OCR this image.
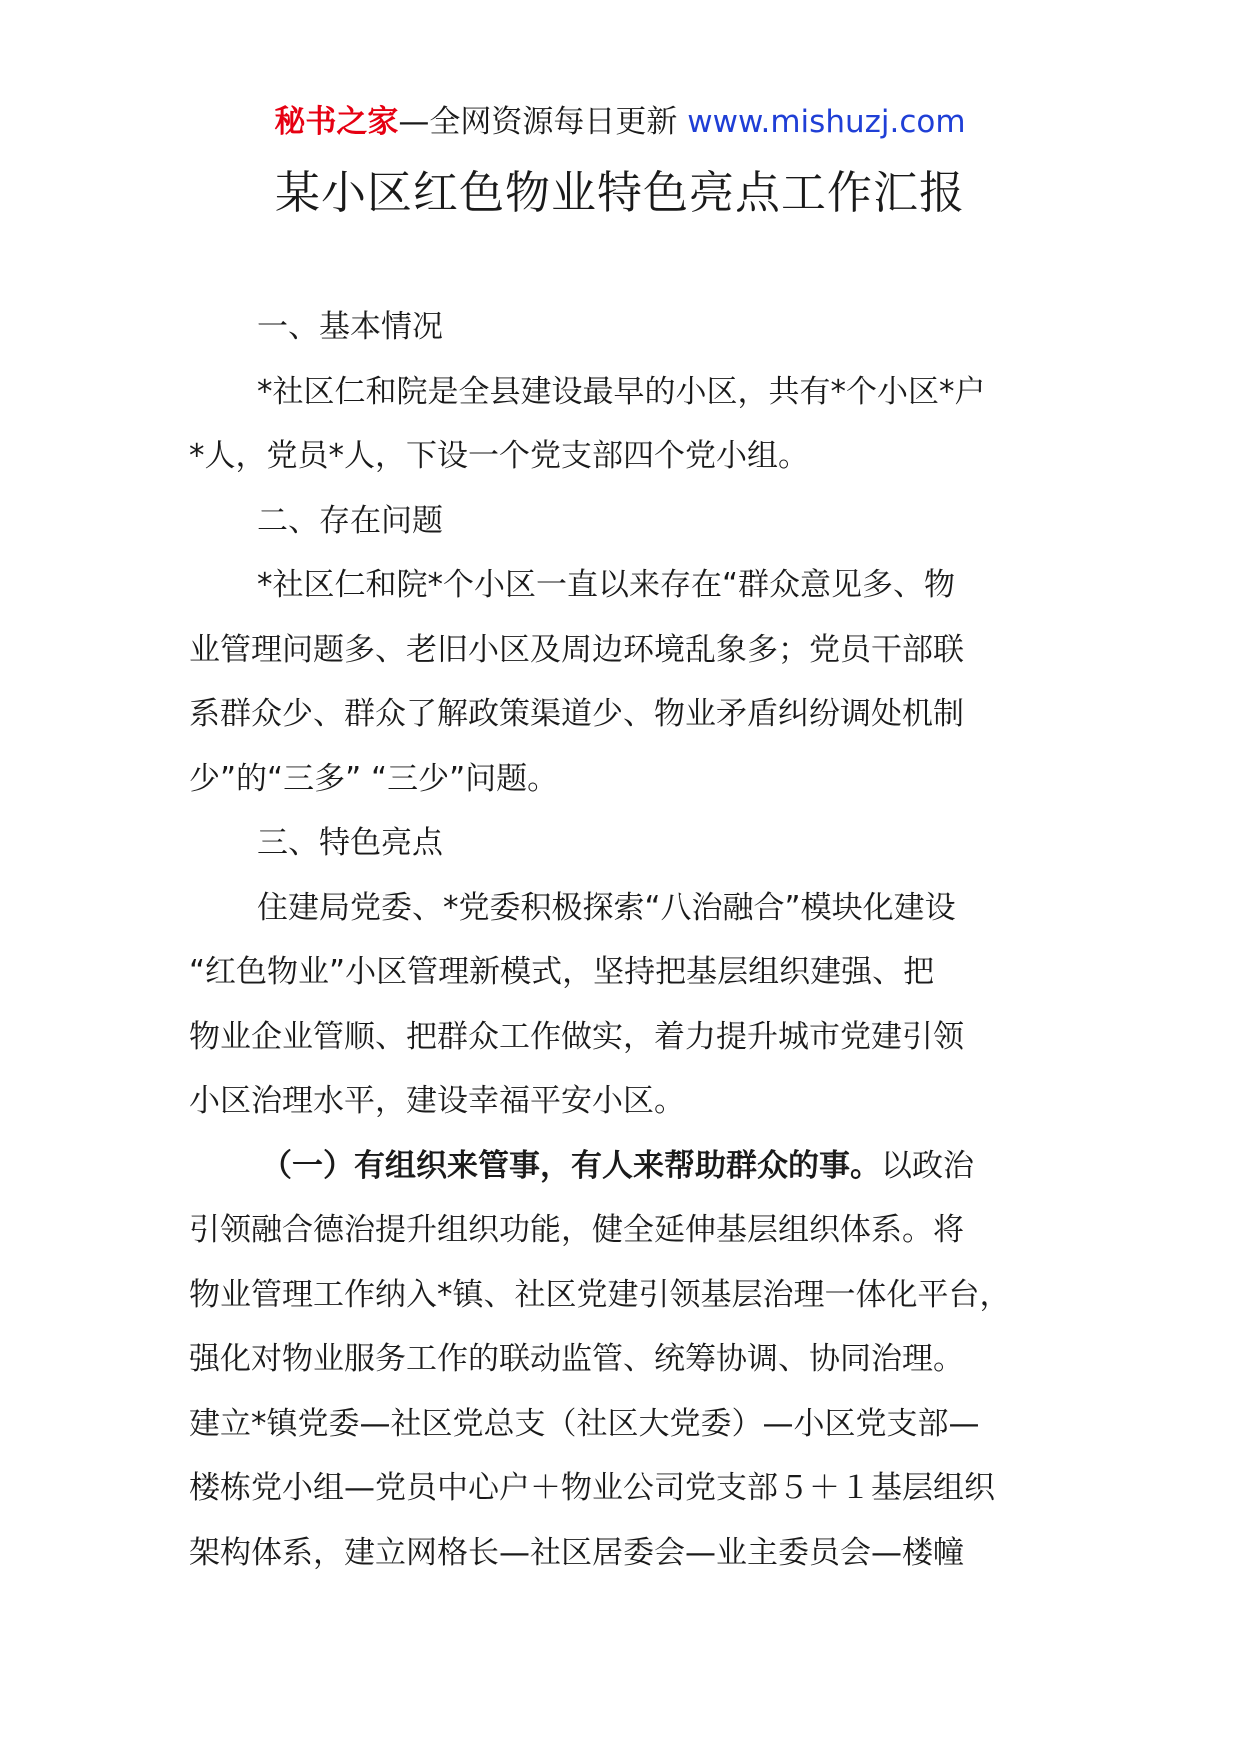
秘书之家—全网资源每日更新 www.mishuzj.com
某小区红色物业特色亮点工作汇报
一、基本情况
*社区仁和院是全县建设最早的小区，共有*个小区*户
*人，党员*人，下设一个党支部四个党小组。
二、存在问题
*社区仁和院*个小区一直以来存在“群众意见多、物
业管理问题多、老旧小区及周边环境乱象多；党员干部联
系群众少、群众了解政策渠道少、物业矛盾纠纷调处机制
少”的“三多” “三少”问题。
三、特色亮点
住建局党委、*党委积极探索“八治融合”模块化建设
“红色物业”小区管理新模式，坚持把基层组织建强、把
物业企业管顺、把群众工作做实，着力提升城市党建引领
小区治理水平，建设幸福平安小区。
（一）有组织来管事，有人来帮助群众的事。以政治
引领融合德治提升组织功能，健全延伸基层组织体系。将
物业管理工作纳入*镇、社区党建引领基层治理一体化平台，
强化对物业服务工作的联动监管、统筹协调、协同治理。
建立*镇党委—社区党总支（社区大党委）—小区党支部—
楼栋党小组—党员中心户＋物业公司党支部５＋１基层组织
架构体系，建立网格长—社区居委会—业主委员会—楼幢
